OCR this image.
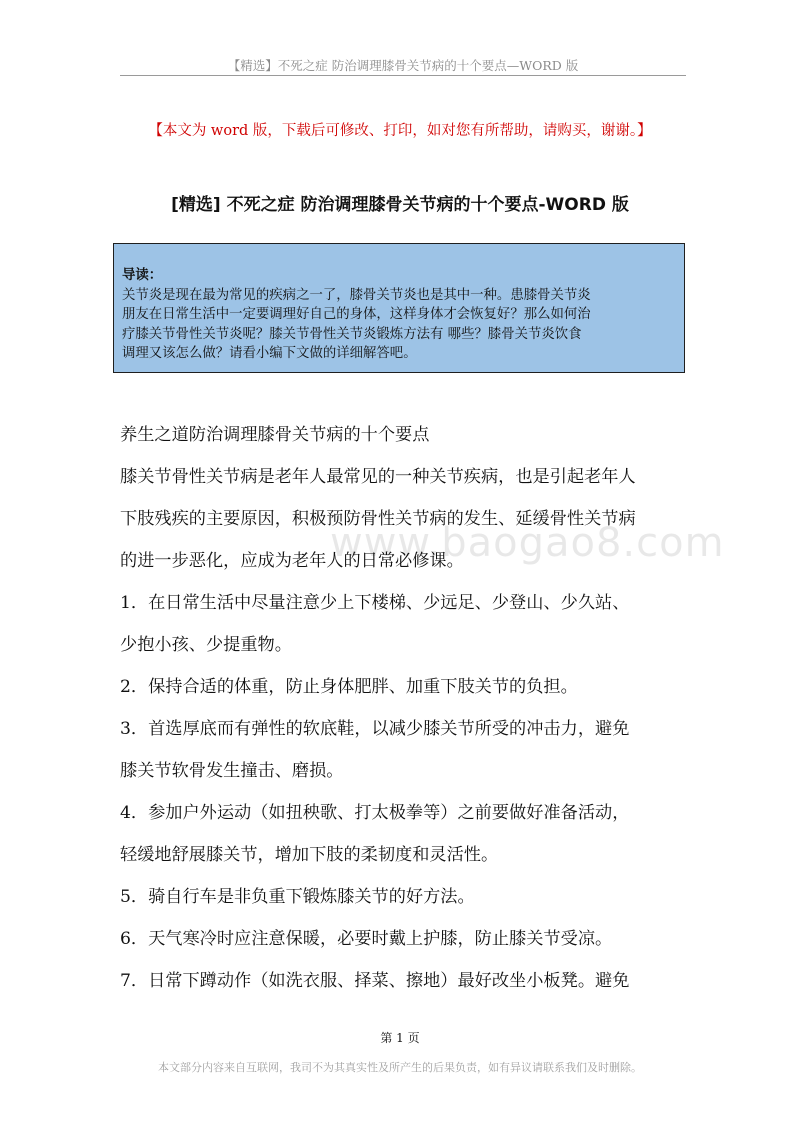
【精选】不死之症 防治调理膝骨关节病的十个要点—WORD 版
【本文为 word 版，下载后可修改、打印，如对您有所帮助，请购买，谢谢。】
[精选] 不死之症 防治调理膝骨关节病的十个要点-WORD 版
导读：
关节炎是现在最为常见的疾病之一了，膝骨关节炎也是其中一种。患膝骨关节炎
朋友在日常生活中一定要调理好自己的身体，这样身体才会恢复好？那么如何治
疗膝关节骨性关节炎呢？膝关节骨性关节炎锻炼方法有 哪些？膝骨关节炎饮食
调理又该怎么做？请看小编下文做的详细解答吧。
www.baogao8.com
养生之道防治调理膝骨关节病的十个要点
膝关节骨性关节病是老年人最常见的一种关节疾病，也是引起老年人
下肢残疾的主要原因，积极预防骨性关节病的发生、延缓骨性关节病
的进一步恶化，应成为老年人的日常必修课。
1．在日常生活中尽量注意少上下楼梯、少远足、少登山、少久站、
少抱小孩、少提重物。
2．保持合适的体重，防止身体肥胖、加重下肢关节的负担。
3．首选厚底而有弹性的软底鞋，以减少膝关节所受的冲击力，避免
膝关节软骨发生撞击、磨损。
4．参加户外运动（如扭秧歌、打太极拳等）之前要做好准备活动，
轻缓地舒展膝关节，增加下肢的柔韧度和灵活性。
5．骑自行车是非负重下锻炼膝关节的好方法。
6．天气寒冷时应注意保暖，必要时戴上护膝，防止膝关节受凉。
7．日常下蹲动作（如洗衣服、择菜、擦地）最好改坐小板凳。避免
第 1 页
本文部分内容来自互联网，我司不为其真实性及所产生的后果负责，如有异议请联系我们及时删除。
